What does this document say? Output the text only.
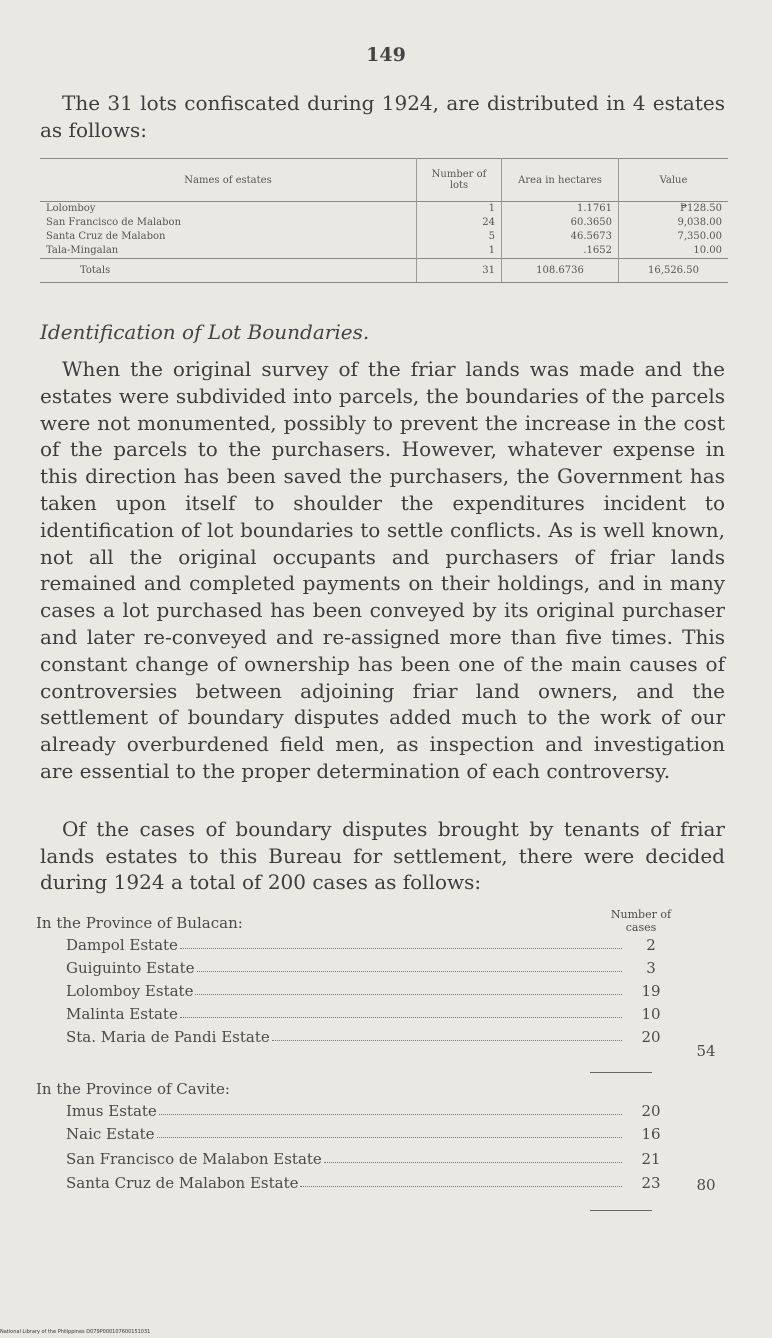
149
The 31 lots confiscated during 1924, are distributed in 4 estates as follows:
Names of estates	Number of lots	Area in hectares	Value
Lolomboy	1	1.1761	₱128.50
San Francisco de Malabon	24	60.3650	9,038.00
Santa Cruz de Malabon	5	46.5673	7,350.00
Tala-Mingalan	1	.1652	10.00
Totals	31	108.6736	16,526.50
Identification of Lot Boundaries.
When the original survey of the friar lands was made and the estates were subdivided into parcels, the boundaries of the parcels were not monumented, possibly to prevent the increase in the cost of the parcels to the purchasers. However, whatever expense in this direction has been saved the purchasers, the Government has taken upon itself to shoulder the expenditures incident to identification of lot boundaries to settle conflicts. As is well known, not all the original occupants and purchasers of friar lands remained and completed payments on their holdings, and in many cases a lot purchased has been conveyed by its original purchaser and later re-conveyed and re-assigned more than five times. This constant change of ownership has been one of the main causes of controversies between adjoining friar land owners, and the settlement of boundary disputes added much to the work of our already overburdened field men, as inspection and investigation are essential to the proper determination of each controversy.
Of the cases of boundary disputes brought by tenants of friar lands estates to this Bureau for settlement, there were decided during 1924 a total of 200 cases as follows:
Number of cases
In the Province of Bulacan:
Dampol Estate	2
Guiguinto Estate	3
Lolomboy Estate	19
Malinta Estate	10
Sta. Maria de Pandi Estate	20
54
In the Province of Cavite:
Imus Estate	20
Naic Estate	16
San Francisco de Malabon Estate	21
Santa Cruz de Malabon Estate	23	80
National Library of the Philippines D079P000107600151031
